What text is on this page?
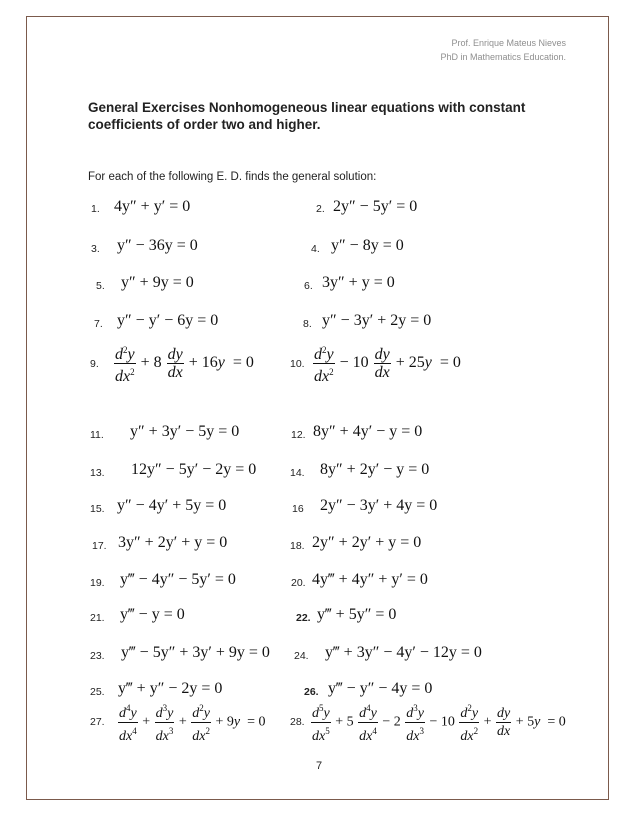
Prof. Enrique Mateus Nieves
PhD in Mathematics Education.
General Exercises Nonhomogeneous linear equations with constant coefficients of order two and higher.
For each of the following E. D. finds the general solution:
1. 4y″ + y′ = 0	2. 2y″ − 5y′ = 0
3. y″ − 36y = 0	4. y″ − 8y = 0
5. y″ + 9y = 0	6. 3y″ + y = 0
7. y″ − y′ − 6y = 0	8. y″ − 3y′ + 2y = 0
9. $\frac{d^2y}{dx^2} + 8 \frac{dy}{dx} + 16y = 0$	10. $\frac{d^2y}{dx^2} - 10 \frac{dy}{dx} + 25y = 0$
11. y″ + 3y′ − 5y = 0	12. 8y″ + 4y′ − y = 0
13. 12y″ − 5y′ − 2y = 0	14. 8y″ + 2y′ − y = 0
15. y″ − 4y′ + 5y = 0	16 2y″ − 3y′ + 4y = 0
17. 3y″ + 2y′ + y = 0	18. 2y″ + 2y′ + y = 0
19. y‴ − 4y″ − 5y′ = 0	20. 4y‴ + 4y″ + y′ = 0
21. y‴ − y = 0	22. y‴ + 5y″ = 0
23. y‴ − 5y″ + 3y′ + 9y = 0 24. y‴ + 3y″ − 4y′ − 12y = 0
25. y‴ + y″ − 2y = 0	26. y‴ − y″ − 4y = 0
27. $\frac{d^4y}{dx^4} + \frac{d^3y}{dx^3} + \frac{d^2y}{dx^2} + 9y = 0$ 28. $\frac{d^5y}{dx^5} + 5 \frac{d^4y}{dx^4} - 2 \frac{d^3y}{dx^3} - 10 \frac{d^2y}{dx^2} + \frac{dy}{dx} + 5y = 0$
7
